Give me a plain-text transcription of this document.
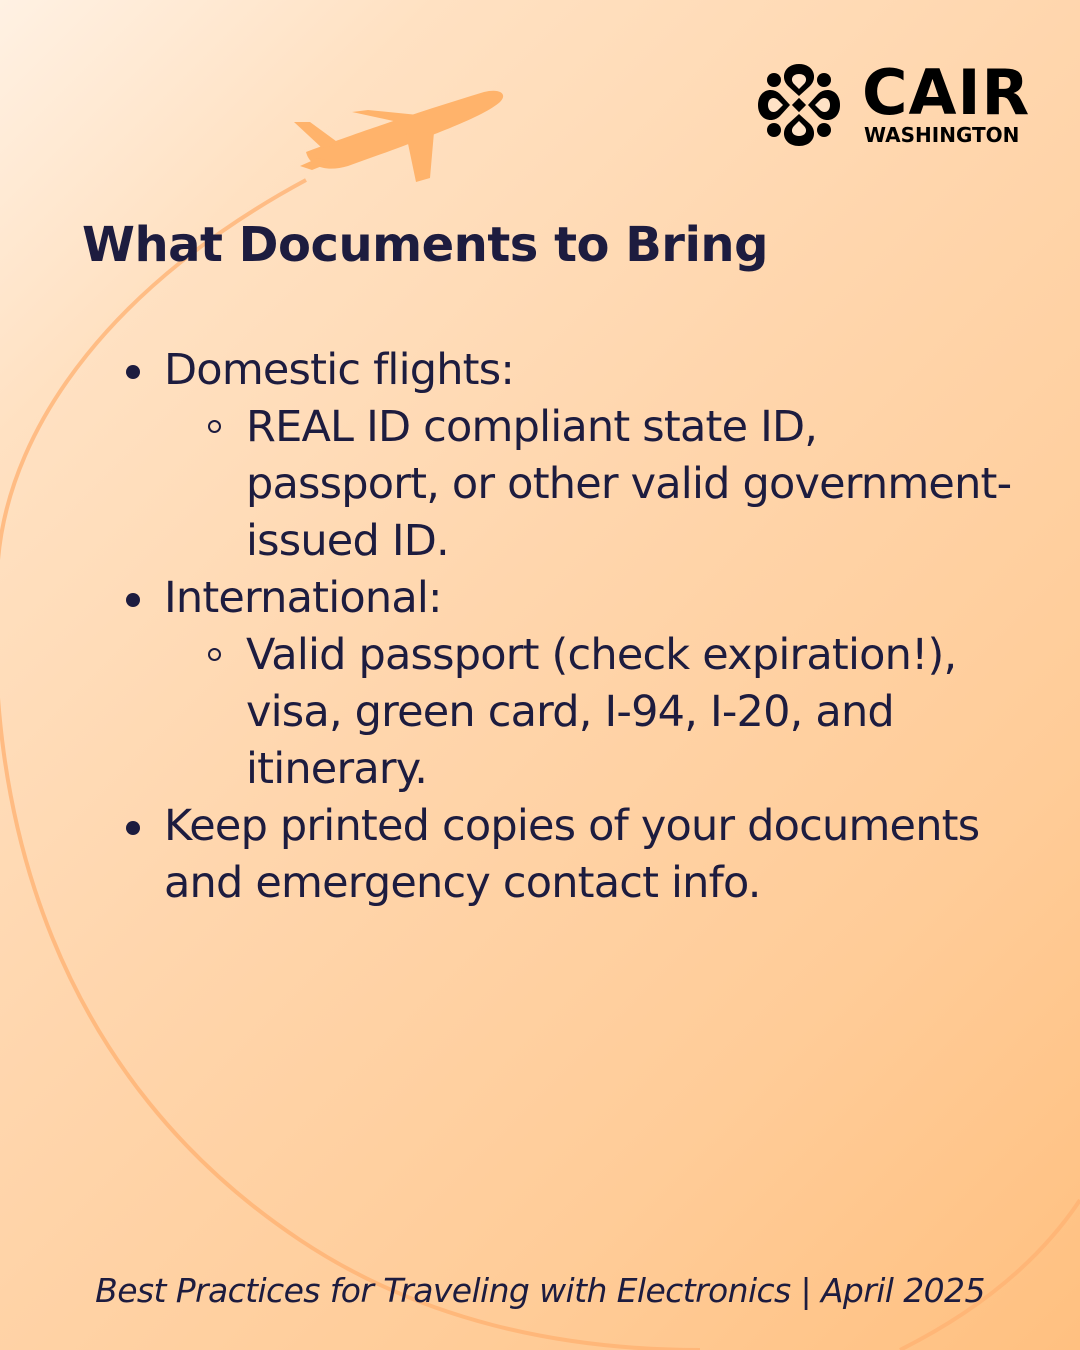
CAIR
WASHINGTON
What Documents to Bring
Domestic flights:
REAL ID compliant state ID, passport, or other valid government-issued ID.
International:
Valid passport (check expiration!), visa, green card, I-94, I-20, and itinerary.
Keep printed copies of your documents and emergency contact info.
Best Practices for Traveling with Electronics | April 2025
